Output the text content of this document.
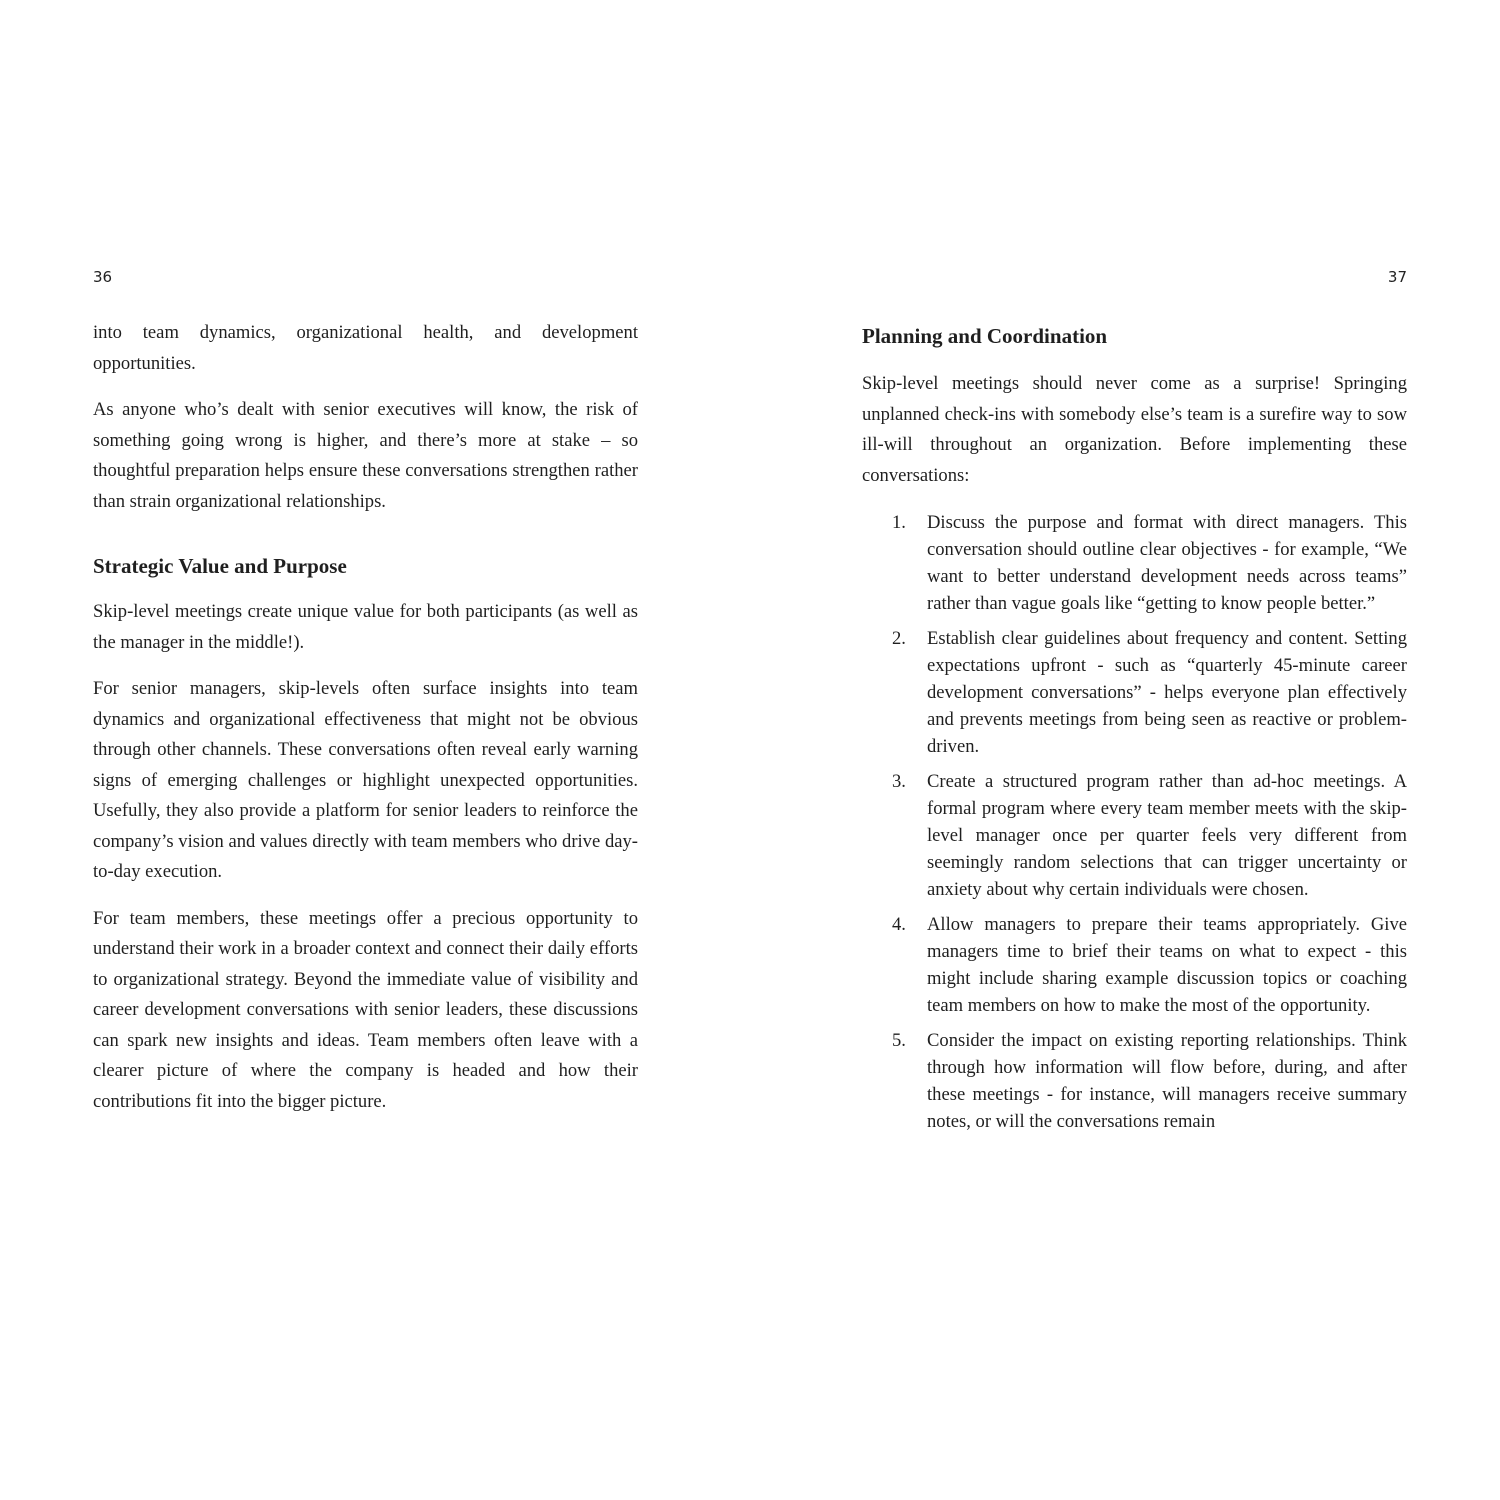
36	37

into team dynamics, organizational health, and development opportunities.

As anyone who’s dealt with senior executives will know, the risk of something going wrong is higher, and there’s more at stake – so thoughtful preparation helps ensure these conversations strengthen rather than strain organizational relationships.

Strategic Value and Purpose

Skip-level meetings create unique value for both participants (as well as the manager in the middle!).

For senior managers, skip-levels often surface insights into team dynamics and organizational effectiveness that might not be obvious through other channels. These conversations often reveal early warning signs of emerging challenges or highlight unexpected opportunities. Usefully, they also provide a platform for senior leaders to reinforce the company’s vision and values directly with team members who drive day-to-day execution.

For team members, these meetings offer a precious opportunity to understand their work in a broader context and connect their daily efforts to organizational strategy. Beyond the immediate value of visibility and career development conversations with senior leaders, these discussions can spark new insights and ideas. Team members often leave with a clearer picture of where the company is headed and how their contributions fit into the bigger picture.

Planning and Coordination

Skip-level meetings should never come as a surprise! Springing unplanned check-ins with somebody else’s team is a surefire way to sow ill-will throughout an organization. Before implementing these conversations:

1.	Discuss the purpose and format with direct managers. This conversation should outline clear objectives - for example, “We want to better understand development needs across teams” rather than vague goals like “getting to know people better.”
2.	Establish clear guidelines about frequency and content. Setting expectations upfront - such as “quarterly 45-minute career development conversations” - helps everyone plan effectively and prevents meetings from being seen as reactive or problem-driven.
3.	Create a structured program rather than ad-hoc meetings. A formal program where every team member meets with the skip-level manager once per quarter feels very different from seemingly random selections that can trigger uncertainty or anxiety about why certain individuals were chosen.
4.	Allow managers to prepare their teams appropriately. Give managers time to brief their teams on what to expect - this might include sharing example discussion topics or coaching team members on how to make the most of the opportunity.
5.	Consider the impact on existing reporting relationships. Think through how information will flow before, during, and after these meetings - for instance, will managers receive summary notes, or will the conversations remain
